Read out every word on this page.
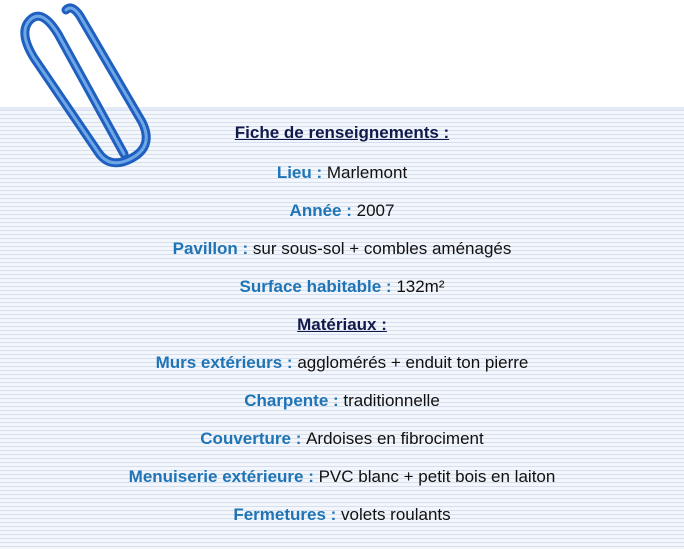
Fiche de renseignements :
Lieu : Marlemont
Année : 2007
Pavillon : sur sous-sol + combles aménagés
Surface habitable : 132m²
Matériaux :
Murs extérieurs : agglomérés + enduit ton pierre
Charpente : traditionnelle
Couverture : Ardoises en fibrociment
Menuiserie extérieure : PVC blanc + petit bois en laiton
Fermetures : volets roulants
